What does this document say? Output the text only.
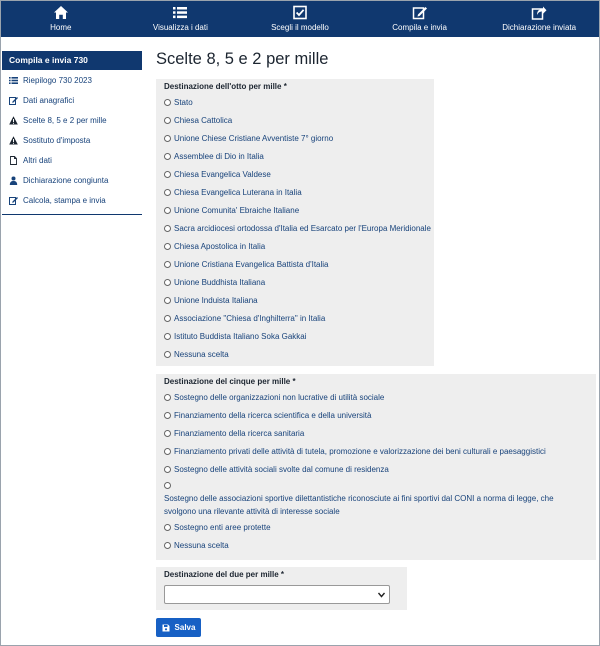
Home	Visualizza i dati	Scegli il modello	Compila e invia	Dichiarazione inviata
Compila e invia 730
Riepilogo 730 2023
Dati anagrafici
Scelte 8, 5 e 2 per mille
Sostituto d'imposta
Altri dati
Dichiarazione congiunta
Calcola, stampa e invia
Scelte 8, 5 e 2 per mille
Destinazione dell'otto per mille *
Stato
Chiesa Cattolica
Unione Chiese Cristiane Avventiste 7° giorno
Assemblee di Dio in Italia
Chiesa Evangelica Valdese
Chiesa Evangelica Luterana in Italia
Unione Comunita' Ebraiche Italiane
Sacra arcidiocesi ortodossa d'Italia ed Esarcato per l'Europa Meridionale
Chiesa Apostolica in Italia
Unione Cristiana Evangelica Battista d'Italia
Unione Buddhista Italiana
Unione Induista Italiana
Associazione "Chiesa d'Inghilterra" in Italia
Istituto Buddista Italiano Soka Gakkai
Nessuna scelta
Destinazione del cinque per mille *
Sostegno delle organizzazioni non lucrative di utilità sociale
Finanziamento della ricerca scientifica e della università
Finanziamento della ricerca sanitaria
Finanziamento privati delle attività di tutela, promozione e valorizzazione dei beni culturali e paesaggistici
Sostegno delle attività sociali svolte dal comune di residenza
Sostegno delle associazioni sportive dilettantistiche riconosciute ai fini sportivi dal CONI a norma di legge, che svolgono una rilevante attività di interesse sociale
Sostegno enti aree protette
Nessuna scelta
Destinazione del due per mille *
Salva
